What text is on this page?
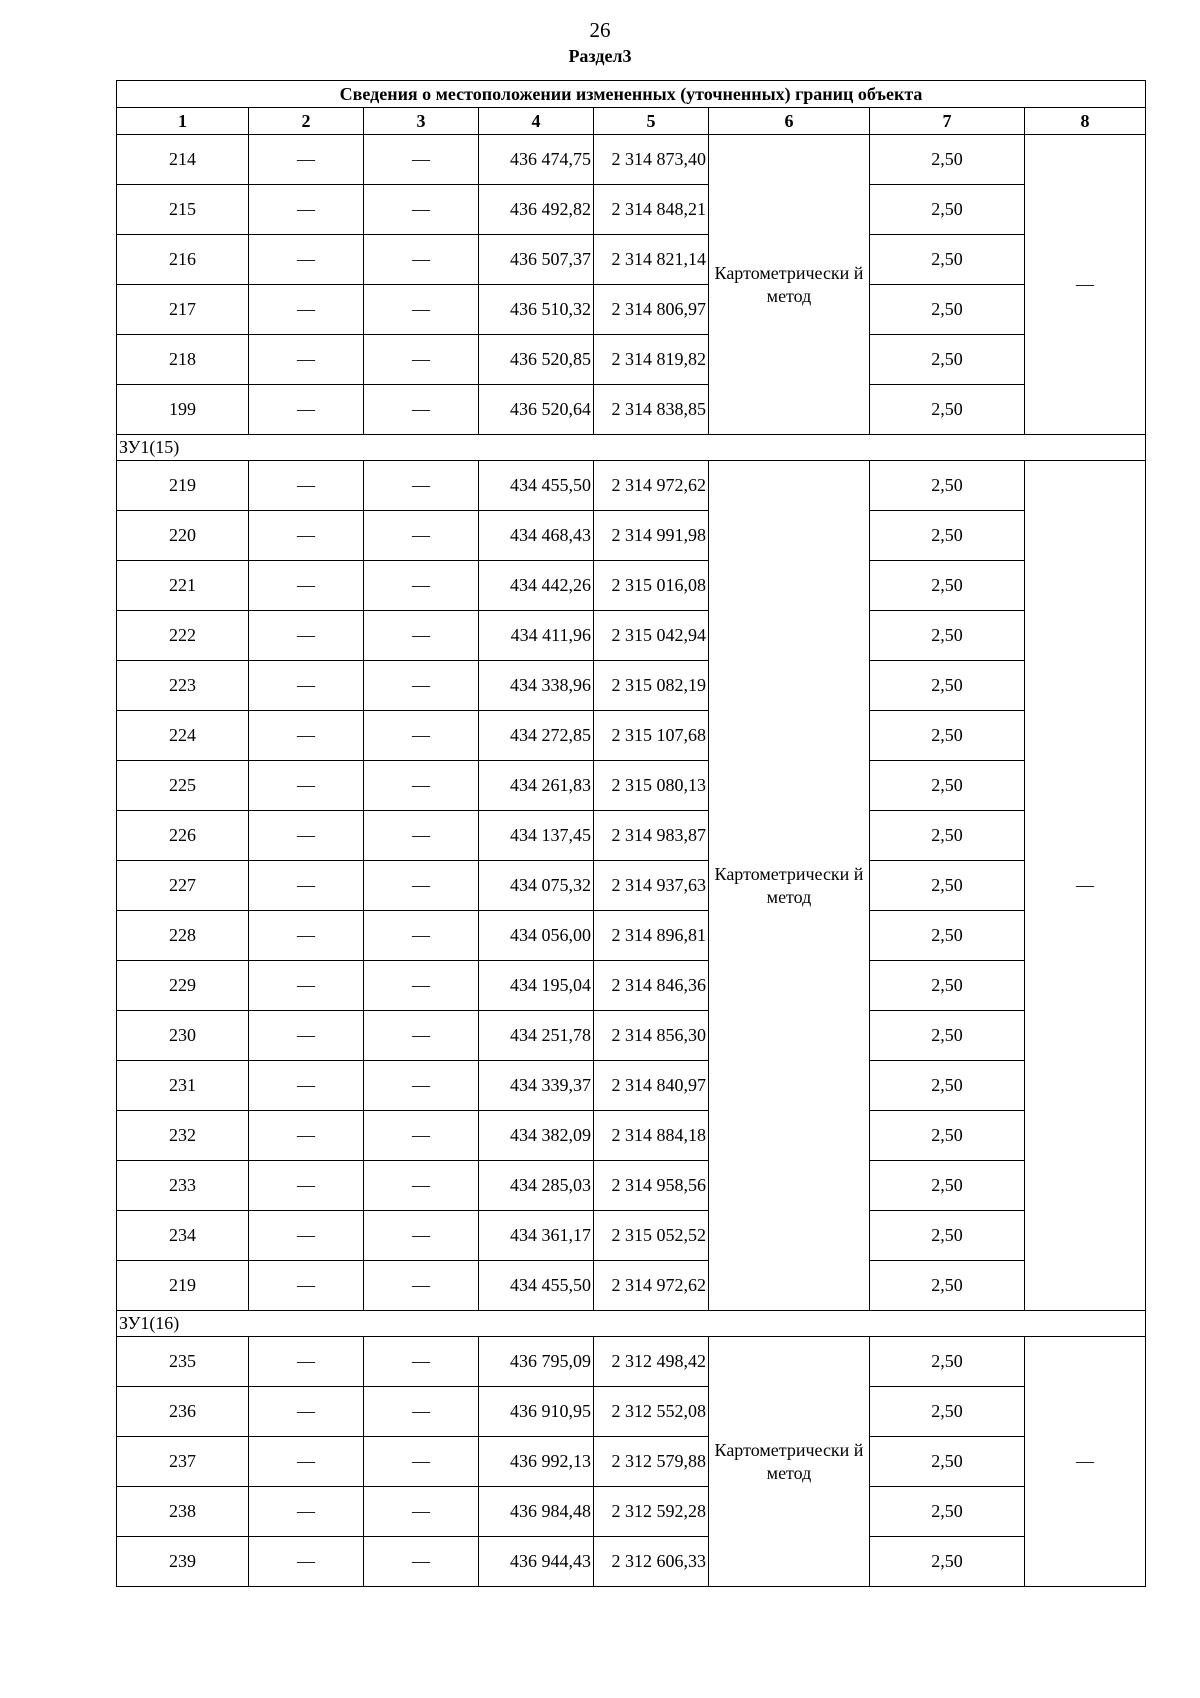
26
Раздел3
Сведения о местоположении измененных (уточненных) границ объекта							
1	2	3	4	5	6	7	8
214	—	—	436 474,75	2 314 873,40	Картометрически й метод	2,50	—
215	—	—	436 492,82	2 314 848,21		2,50	
216	—	—	436 507,37	2 314 821,14		2,50	
217	—	—	436 510,32	2 314 806,97		2,50	
218	—	—	436 520,85	2 314 819,82		2,50	
199	—	—	436 520,64	2 314 838,85		2,50	
ЗУ1(15)							
219	—	—	434 455,50	2 314 972,62	Картометрически й метод	2,50	—
220	—	—	434 468,43	2 314 991,98		2,50	
221	—	—	434 442,26	2 315 016,08		2,50	
222	—	—	434 411,96	2 315 042,94		2,50	
223	—	—	434 338,96	2 315 082,19		2,50	
224	—	—	434 272,85	2 315 107,68		2,50	
225	—	—	434 261,83	2 315 080,13		2,50	
226	—	—	434 137,45	2 314 983,87		2,50	
227	—	—	434 075,32	2 314 937,63		2,50	
228	—	—	434 056,00	2 314 896,81		2,50	
229	—	—	434 195,04	2 314 846,36		2,50	
230	—	—	434 251,78	2 314 856,30		2,50	
231	—	—	434 339,37	2 314 840,97		2,50	
232	—	—	434 382,09	2 314 884,18		2,50	
233	—	—	434 285,03	2 314 958,56		2,50	
234	—	—	434 361,17	2 315 052,52		2,50	
219	—	—	434 455,50	2 314 972,62		2,50	
ЗУ1(16)							
235	—	—	436 795,09	2 312 498,42	Картометрически й метод	2,50	—
236	—	—	436 910,95	2 312 552,08		2,50	
237	—	—	436 992,13	2 312 579,88		2,50	
238	—	—	436 984,48	2 312 592,28		2,50	
239	—	—	436 944,43	2 312 606,33		2,50	
